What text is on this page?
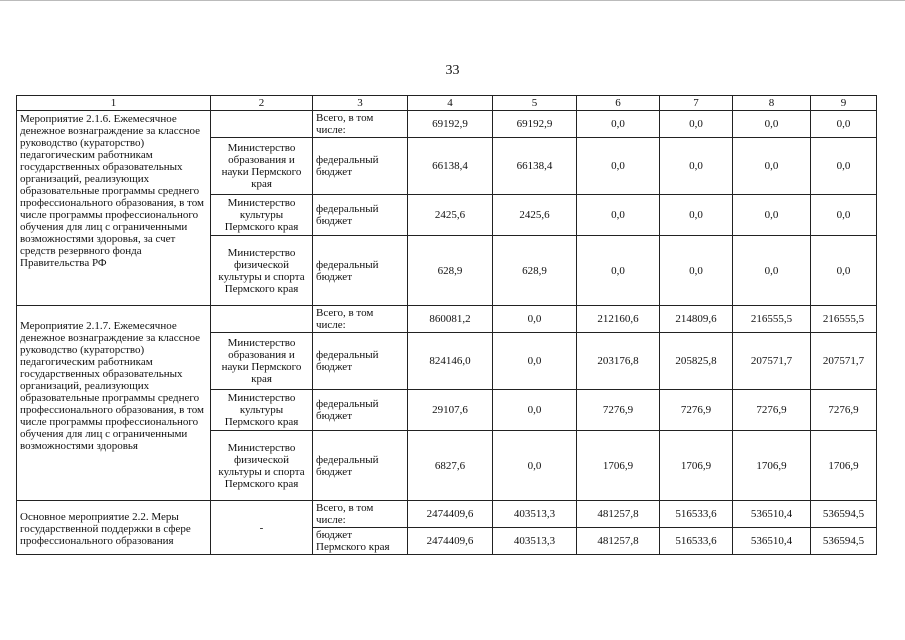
33
1	2	3	4	5	6	7	8	9
Мероприятие 2.1.6. Ежемесячное денежное вознаграждение за классное руководство (кураторство) педагогическим работникам государственных образовательных организаций, реализующих образовательные программы среднего профессионального образования, в том числе программы профессионального обучения для лиц с ограниченными возможностями здоровья, за счет средств резервного фонда Правительства РФ		Всего, в том числе:	69192,9	69192,9	0,0	0,0	0,0	0,0
	Министерство образования и науки Пермского края	федеральный бюджет	66138,4	66138,4	0,0	0,0	0,0	0,0
	Министерство культуры Пермского края	федеральный бюджет	2425,6	2425,6	0,0	0,0	0,0	0,0
	Министерство физической культуры и спорта Пермского края	федеральный бюджет	628,9	628,9	0,0	0,0	0,0	0,0
Мероприятие 2.1.7. Ежемесячное денежное вознаграждение за классное руководство (кураторство) педагогическим работникам государственных образовательных организаций, реализующих образовательные программы среднего профессионального образования, в том числе программы профессионального обучения для лиц с ограниченными возможностями здоровья		Всего, в том числе:	860081,2	0,0	212160,6	214809,6	216555,5	216555,5
	Министерство образования и науки Пермского края	федеральный бюджет	824146,0	0,0	203176,8	205825,8	207571,7	207571,7
	Министерство культуры Пермского края	федеральный бюджет	29107,6	0,0	7276,9	7276,9	7276,9	7276,9
	Министерство физической культуры и спорта Пермского края	федеральный бюджет	6827,6	0,0	1706,9	1706,9	1706,9	1706,9
Основное мероприятие 2.2. Меры государственной поддержки в сфере профессионального образования	-	Всего, в том числе:	2474409,6	403513,3	481257,8	516533,6	536510,4	536594,5
		бюджет Пермского края	2474409,6	403513,3	481257,8	516533,6	536510,4	536594,5
